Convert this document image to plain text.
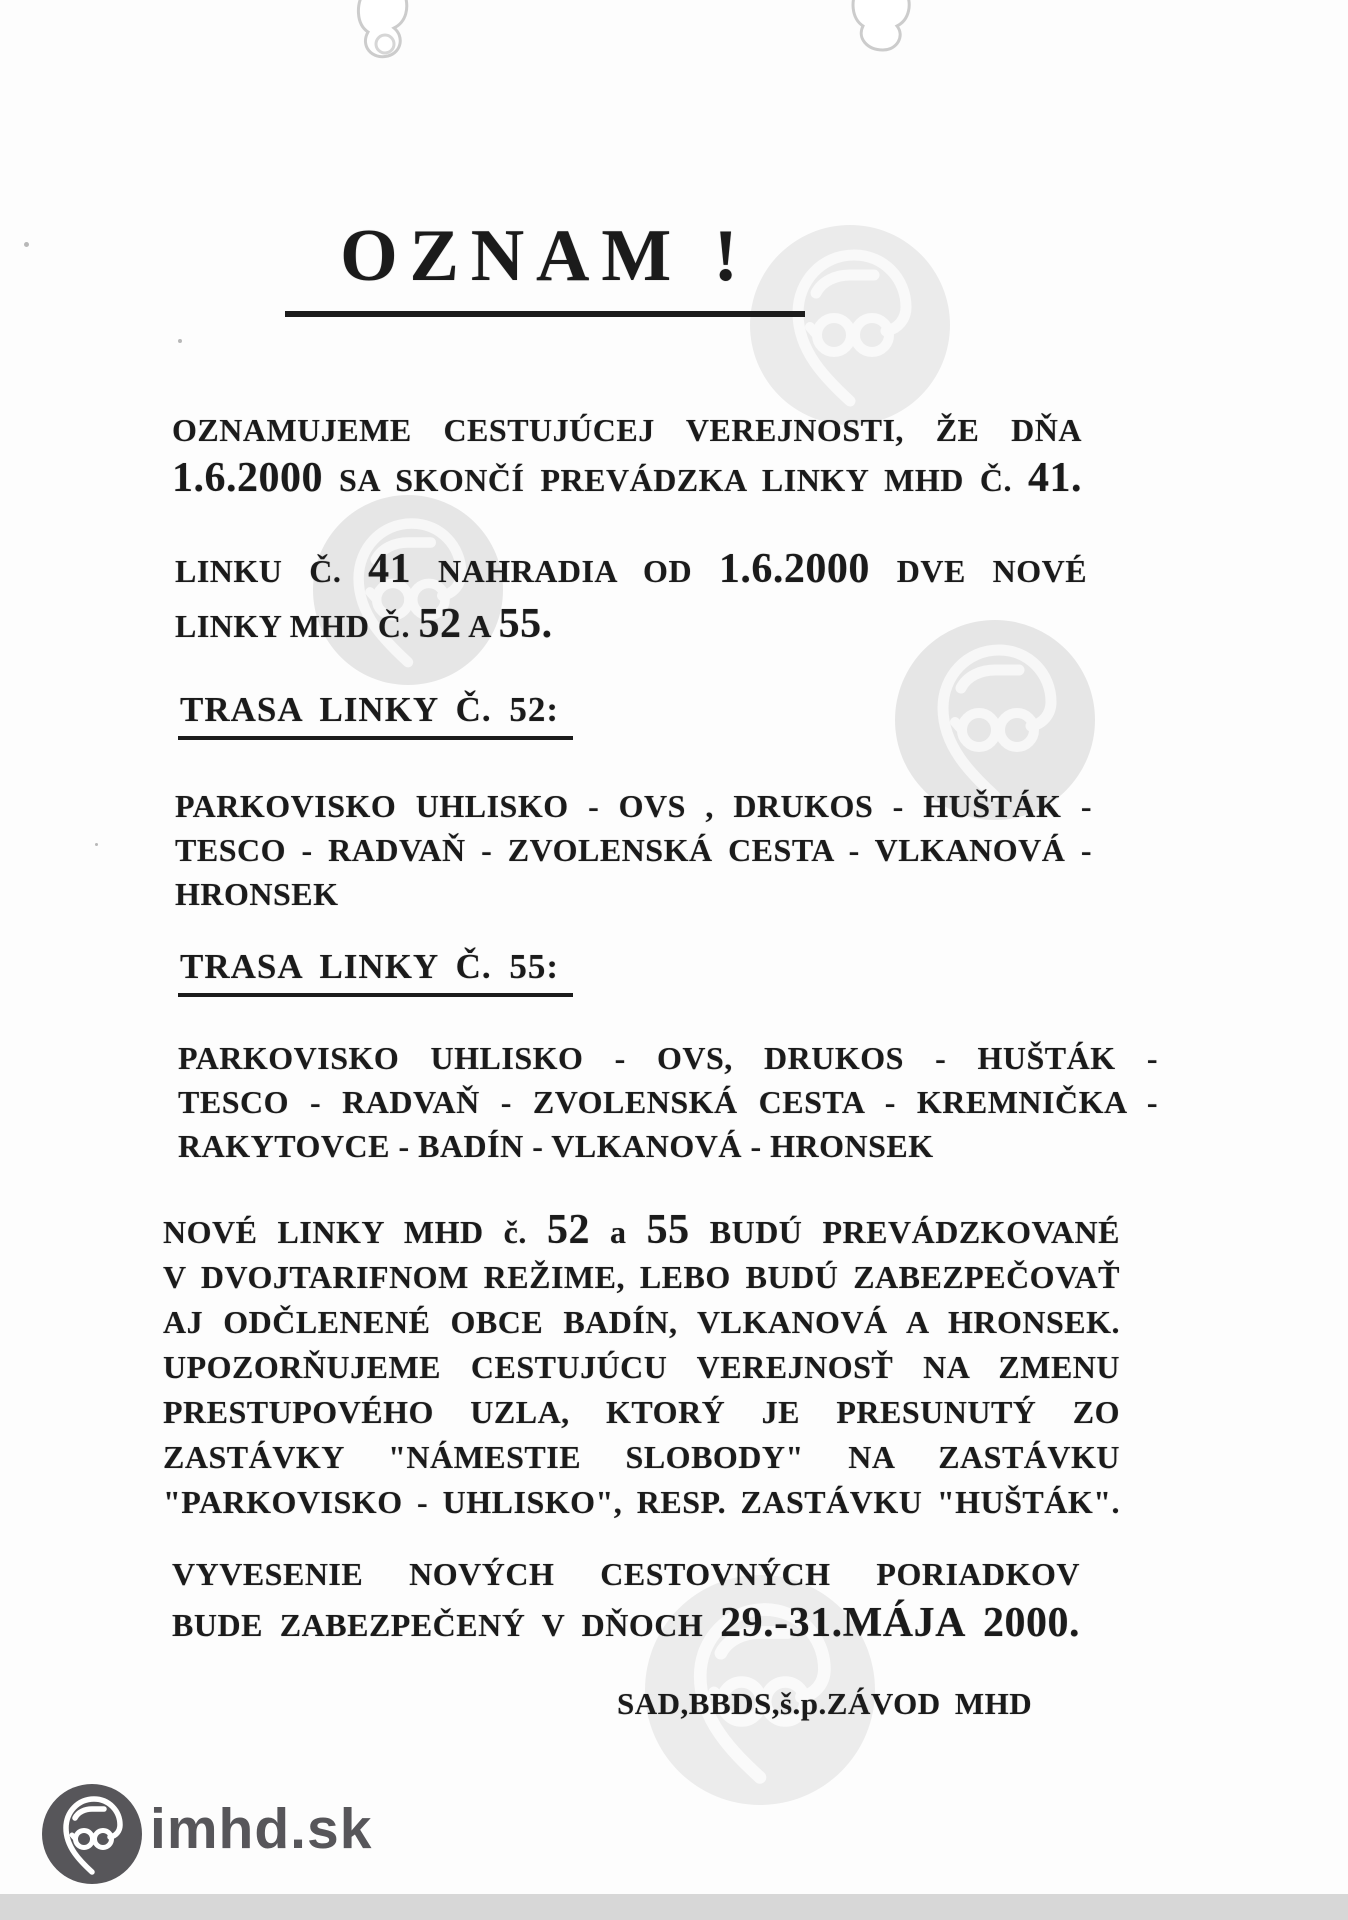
OZNAM !
OZNAMUJEME CESTUJÚCEJ VEREJNOSTI, ŽE DŇA
1.6.2000 SA SKONČÍ PREVÁDZKA LINKY MHD Č. 41.
LINKU Č. 41 NAHRADIA OD 1.6.2000 DVE NOVÉ
LINKY MHD Č. 52 A 55.
TRASA LINKY Č. 52:
PARKOVISKO UHLISKO - OVS , DRUKOS - HUŠTÁK -
TESCO - RADVAŇ - ZVOLENSKÁ CESTA - VLKANOVÁ -
HRONSEK
TRASA LINKY Č. 55:
PARKOVISKO UHLISKO - OVS, DRUKOS - HUŠTÁK -
TESCO - RADVAŇ - ZVOLENSKÁ CESTA - KREMNIČKA -
RAKYTOVCE - BADÍN - VLKANOVÁ - HRONSEK
NOVÉ LINKY MHD č. 52 a 55 BUDÚ PREVÁDZKOVANÉ
V DVOJTARIFNOM REŽIME, LEBO BUDÚ ZABEZPEČOVAŤ
AJ ODČLENENÉ OBCE BADÍN, VLKANOVÁ A HRONSEK.
UPOZORŇUJEME CESTUJÚCU VEREJNOSŤ NA ZMENU
PRESTUPOVÉHO UZLA, KTORÝ JE PRESUNUTÝ ZO
ZASTÁVKY "NÁMESTIE SLOBODY" NA ZASTÁVKU
"PARKOVISKO - UHLISKO", RESP. ZASTÁVKU "HUŠTÁK".
VYVESENIE NOVÝCH CESTOVNÝCH PORIADKOV
BUDE ZABEZPEČENÝ V DŇOCH 29.-31.MÁJA 2000.
SAD,BBDS,š.p.ZÁVOD MHD
imhd.sk
